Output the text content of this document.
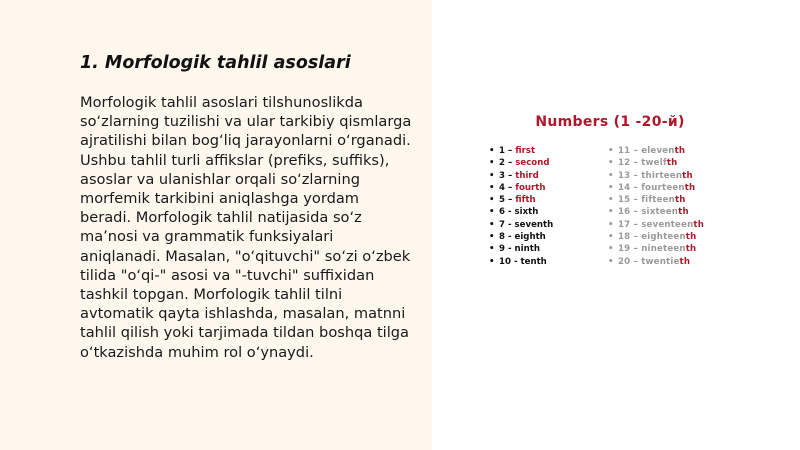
1. Morfologik tahlil asoslari
Morfologik tahlil asoslari tilshunoslikda
so‘zlarning tuzilishi va ular tarkibiy qismlarga
ajratilishi bilan bog‘liq jarayonlarni o‘rganadi.
Ushbu tahlil turli affikslar (prefiks, suffiks),
asoslar va ulanishlar orqali so‘zlarning
morfemik tarkibini aniqlashga yordam
beradi. Morfologik tahlil natijasida so‘z
ma’nosi va grammatik funksiyalari
aniqlanadi. Masalan, "o‘qituvchi" so‘zi o‘zbek
tilida "o‘qi-" asosi va "-tuvchi" suffixidan
tashkil topgan. Morfologik tahlil tilni
avtomatik qayta ishlashda, masalan, matnni
tahlil qilish yoki tarjimada tildan boshqa tilga
o‘tkazishda muhim rol o‘ynaydi.
Numbers (1 -20-й)
• 1 – first
• 2 – second
• 3 – third
• 4 – fourth
• 5 – fifth
• 6 - sixth
• 7 - seventh
• 8 - eighth
• 9 - ninth
• 10 - tenth
• 11 – eleventh
• 12 – twelfth
• 13 – thirteenth
• 14 – fourteenth
• 15 – fifteenth
• 16 – sixteenth
• 17 – seventeenth
• 18 – eighteenth
• 19 – nineteenth
• 20 – twentieth
